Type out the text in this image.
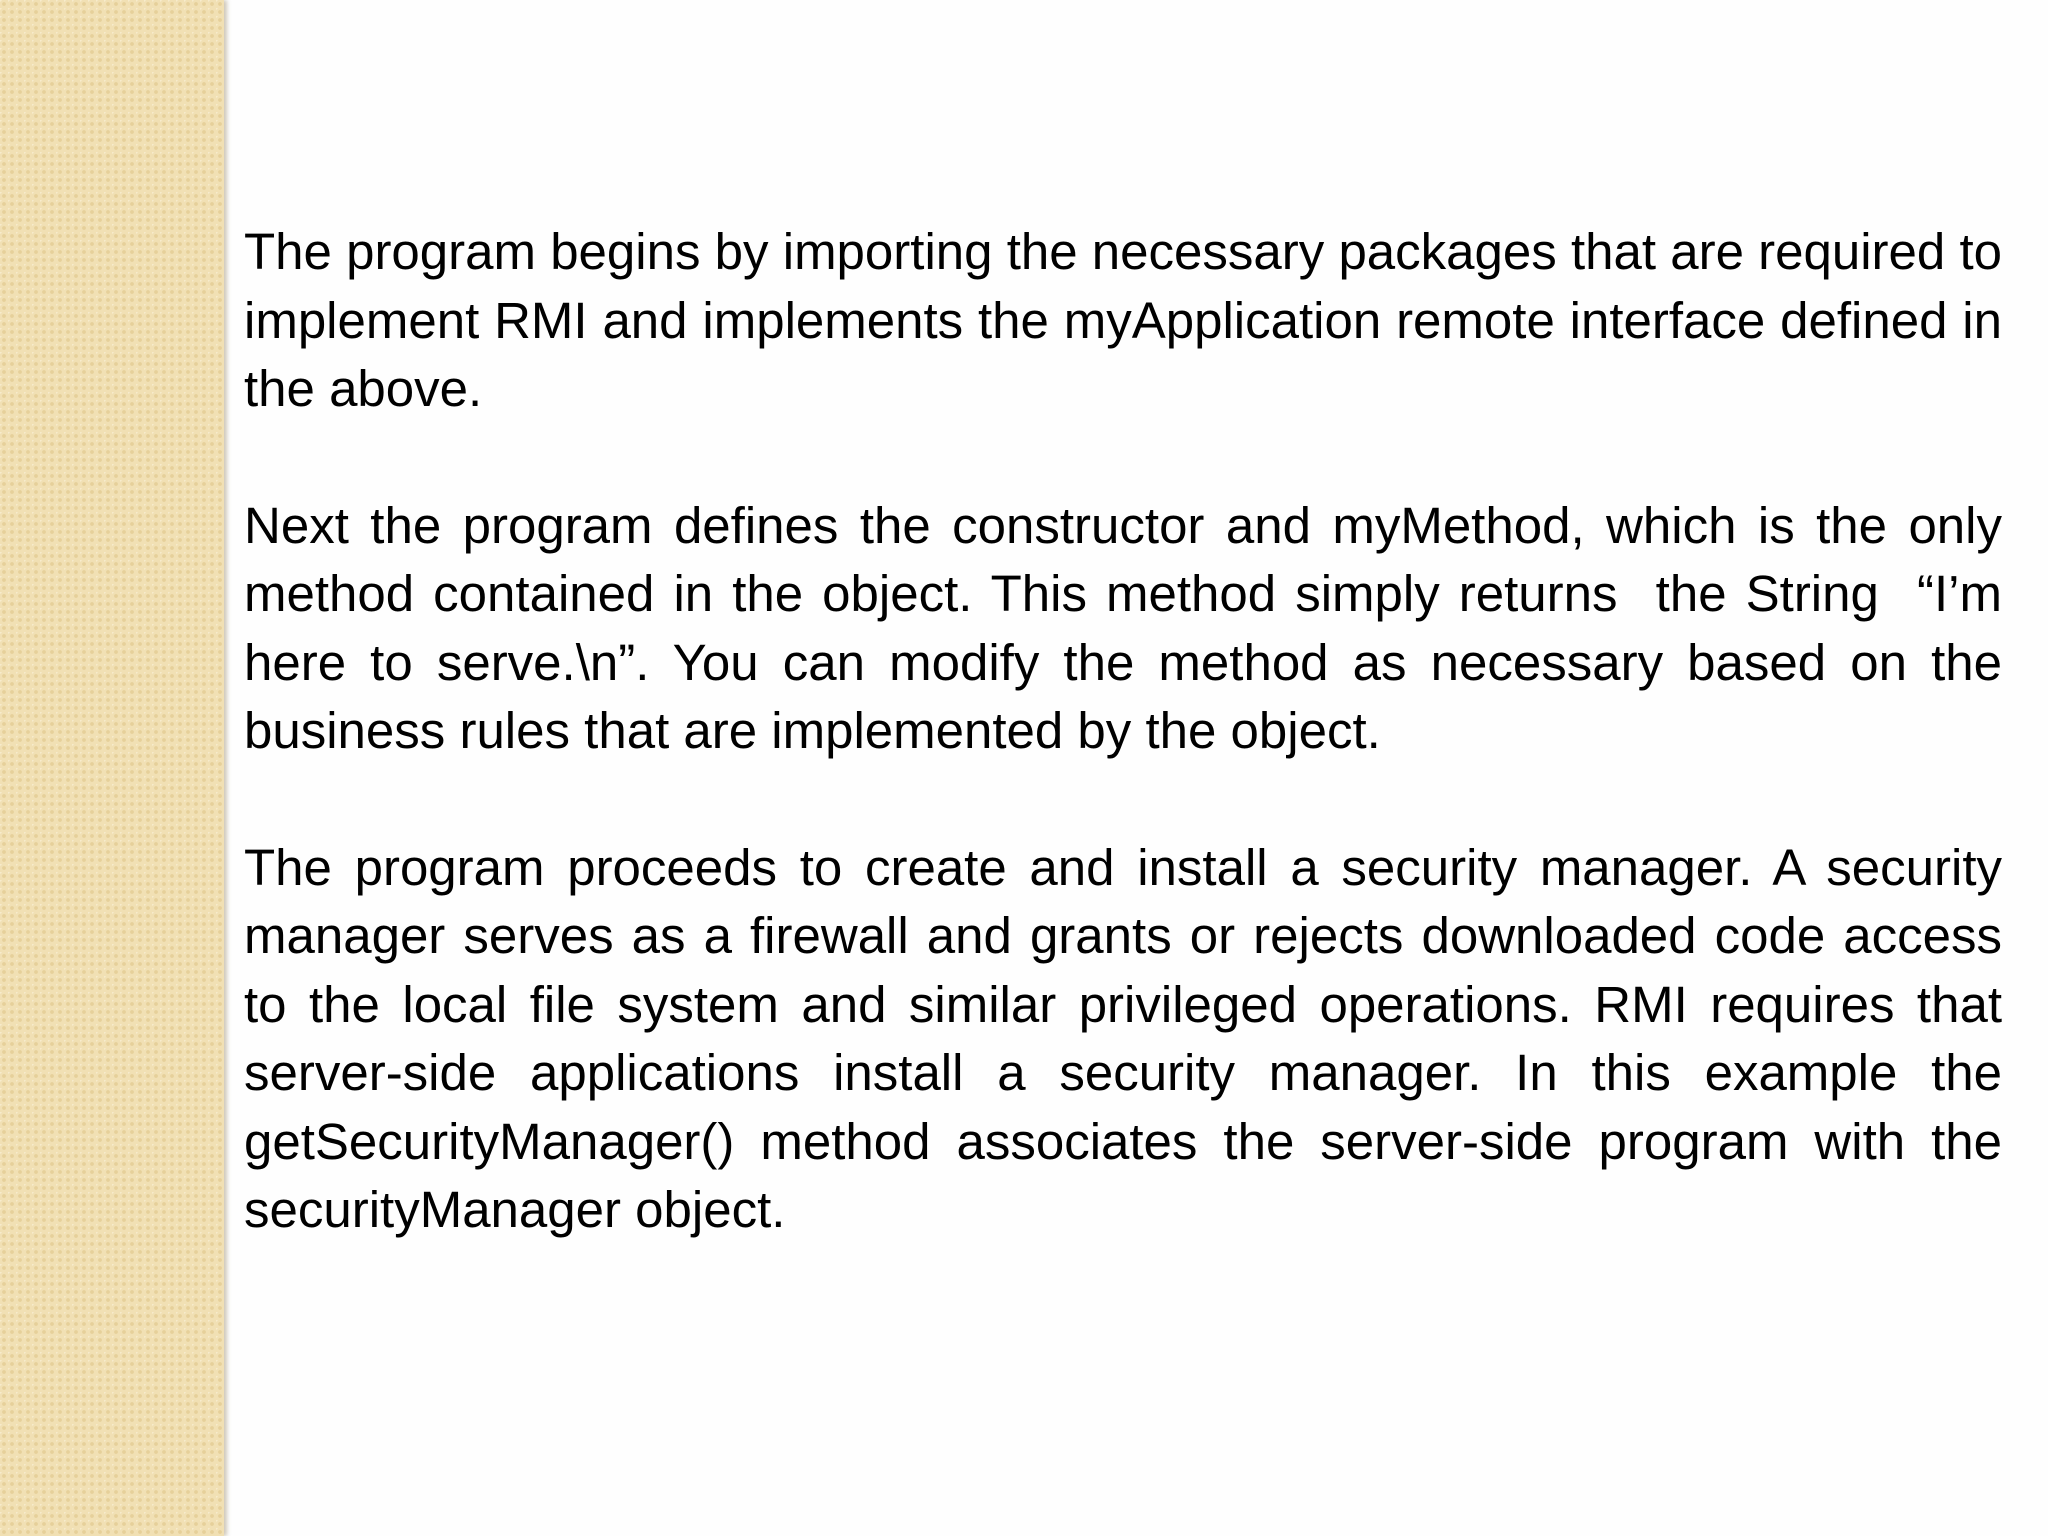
The program begins by importing the necessary packages that are required to implement RMI and implements the myApplication remote interface defined in the above.

Next the program defines the constructor and myMethod, which is the only method contained in the object. This method simply returns  the String  “I’m here to serve.\n”. You can modify the method as necessary based on the business rules that are implemented by the object.

The program proceeds to create and install a security manager. A security manager serves as a firewall and grants or rejects downloaded code access to the local file system and similar privileged operations. RMI requires that server-side applications install a security manager. In this example the getSecurityManager() method associates the server-side program with the securityManager object.
